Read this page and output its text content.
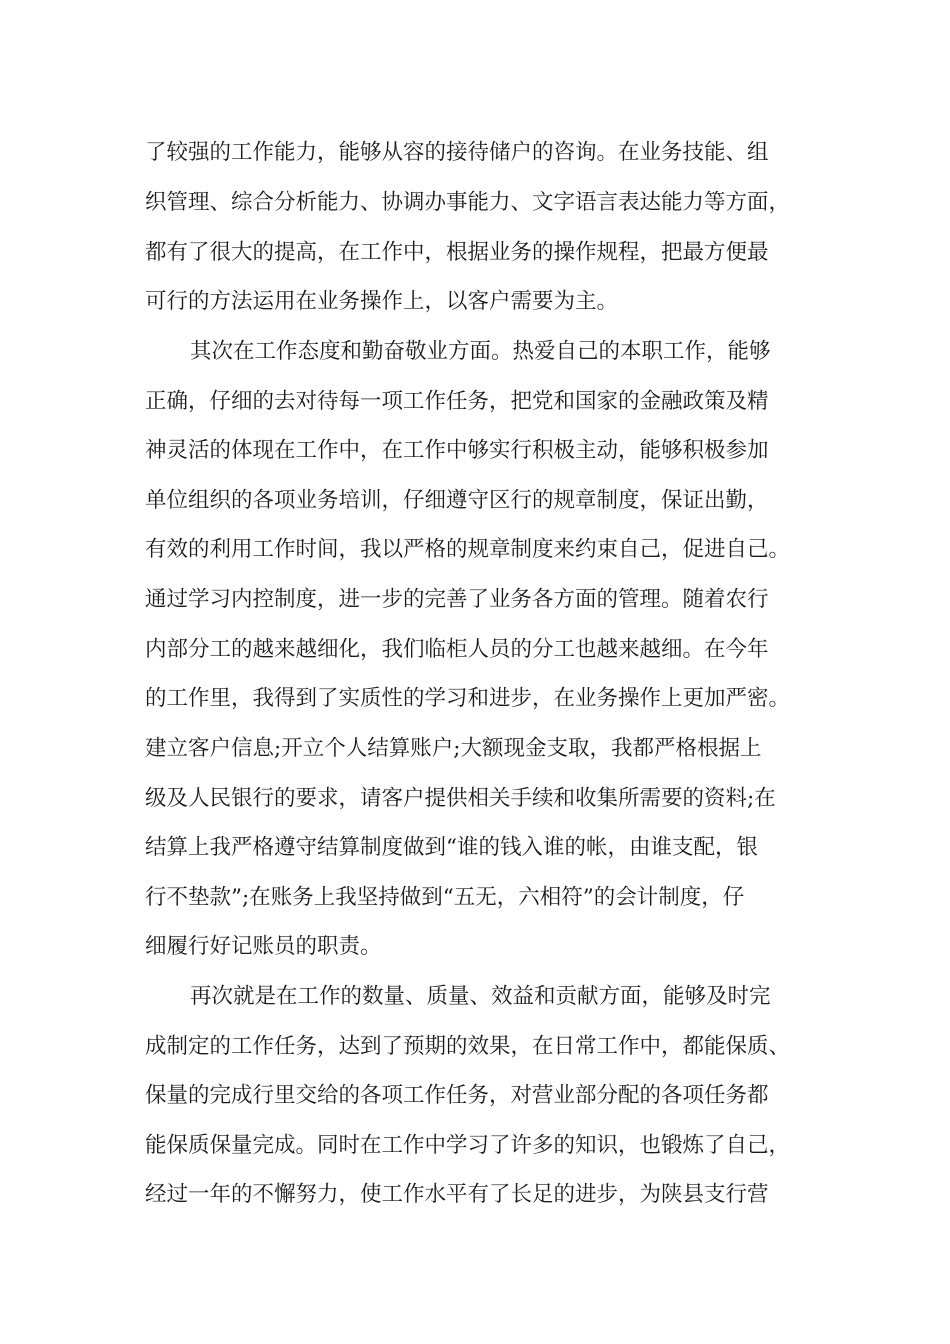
了较强的工作能力，能够从容的接待储户的咨询。在业务技能、组
织管理、综合分析能力、协调办事能力、文字语言表达能力等方面，
都有了很大的提高，在工作中，根据业务的操作规程，把最方便最
可行的方法运用在业务操作上，以客户需要为主。
其次在工作态度和勤奋敬业方面。热爱自己的本职工作，能够
正确，仔细的去对待每一项工作任务，把党和国家的金融政策及精
神灵活的体现在工作中，在工作中够实行积极主动，能够积极参加
单位组织的各项业务培训，仔细遵守区行的规章制度，保证出勤，
有效的利用工作时间，我以严格的规章制度来约束自己，促进自己。
通过学习内控制度，进一步的完善了业务各方面的管理。随着农行
内部分工的越来越细化，我们临柜人员的分工也越来越细。在今年
的工作里，我得到了实质性的学习和进步，在业务操作上更加严密。
建立客户信息;开立个人结算账户;大额现金支取，我都严格根据上
级及人民银行的要求，请客户提供相关手续和收集所需要的资料;在
结算上我严格遵守结算制度做到“谁的钱入谁的帐，由谁支配，银
行不垫款”;在账务上我坚持做到“五无，六相符”的会计制度，仔
细履行好记账员的职责。
再次就是在工作的数量、质量、效益和贡献方面，能够及时完
成制定的工作任务，达到了预期的效果，在日常工作中，都能保质、
保量的完成行里交给的各项工作任务，对营业部分配的各项任务都
能保质保量完成。同时在工作中学习了许多的知识，也锻炼了自己，
经过一年的不懈努力，使工作水平有了长足的进步，为陕县支行营
